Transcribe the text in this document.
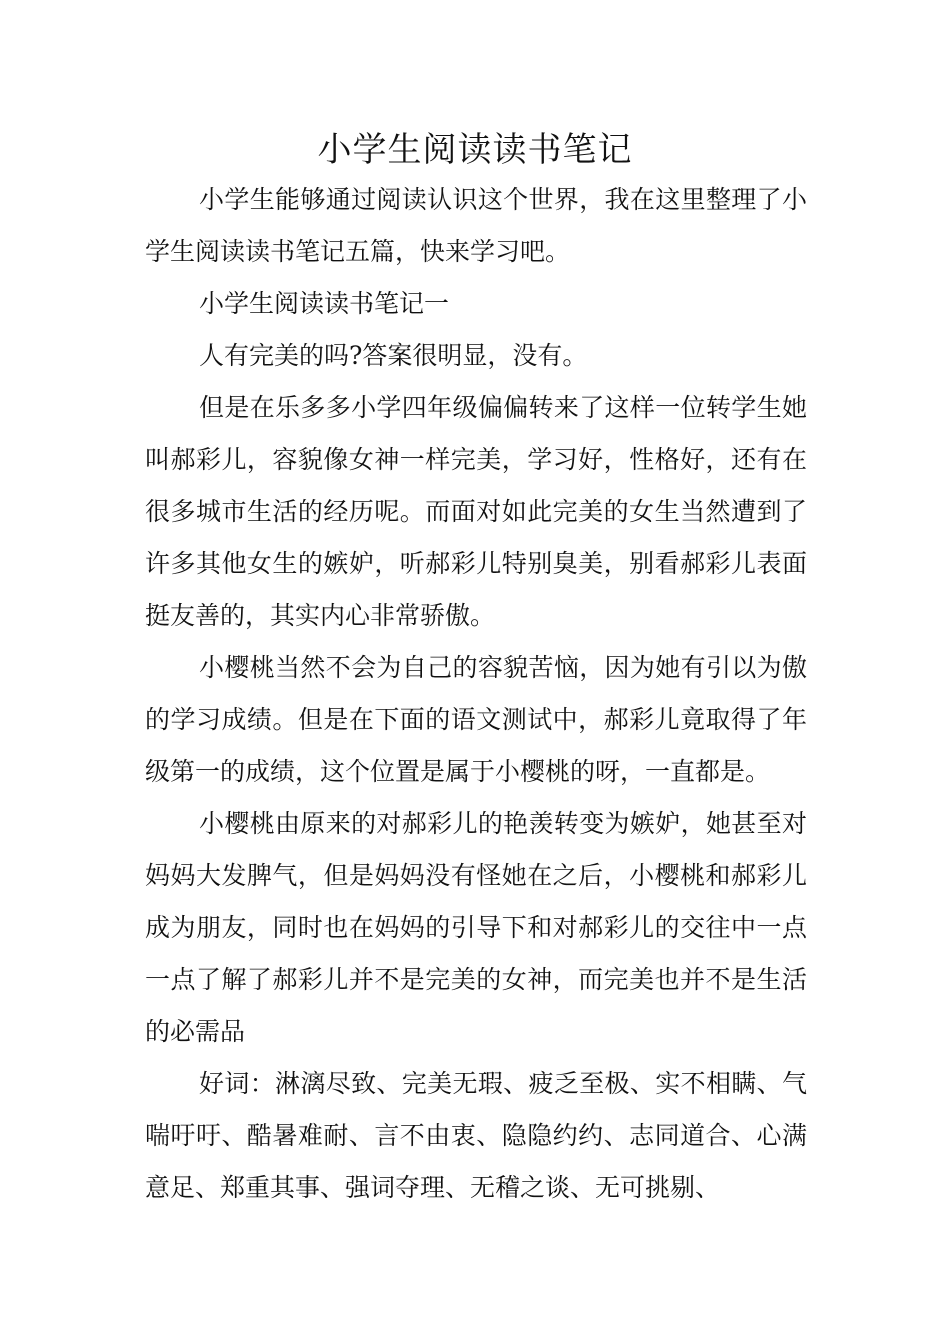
小学生阅读读书笔记

小学生能够通过阅读认识这个世界，我在这里整理了小学生阅读读书笔记五篇，快来学习吧。

小学生阅读读书笔记一

人有完美的吗?答案很明显，没有。

但是在乐多多小学四年级偏偏转来了这样一位转学生她叫郝彩儿，容貌像女神一样完美，学习好，性格好，还有在很多城市生活的经历呢。而面对如此完美的女生当然遭到了许多其他女生的嫉妒，听郝彩儿特别臭美，别看郝彩儿表面挺友善的，其实内心非常骄傲。

小樱桃当然不会为自己的容貌苦恼，因为她有引以为傲的学习成绩。但是在下面的语文测试中，郝彩儿竟取得了年级第一的成绩，这个位置是属于小樱桃的呀，一直都是。

小樱桃由原来的对郝彩儿的艳羡转变为嫉妒，她甚至对妈妈大发脾气，但是妈妈没有怪她在之后，小樱桃和郝彩儿成为朋友，同时也在妈妈的引导下和对郝彩儿的交往中一点一点了解了郝彩儿并不是完美的女神，而完美也并不是生活的必需品

好词：淋漓尽致、完美无瑕、疲乏至极、实不相瞒、气喘吁吁、酷暑难耐、言不由衷、隐隐约约、志同道合、心满意足、郑重其事、强词夺理、无稽之谈、无可挑剔、
